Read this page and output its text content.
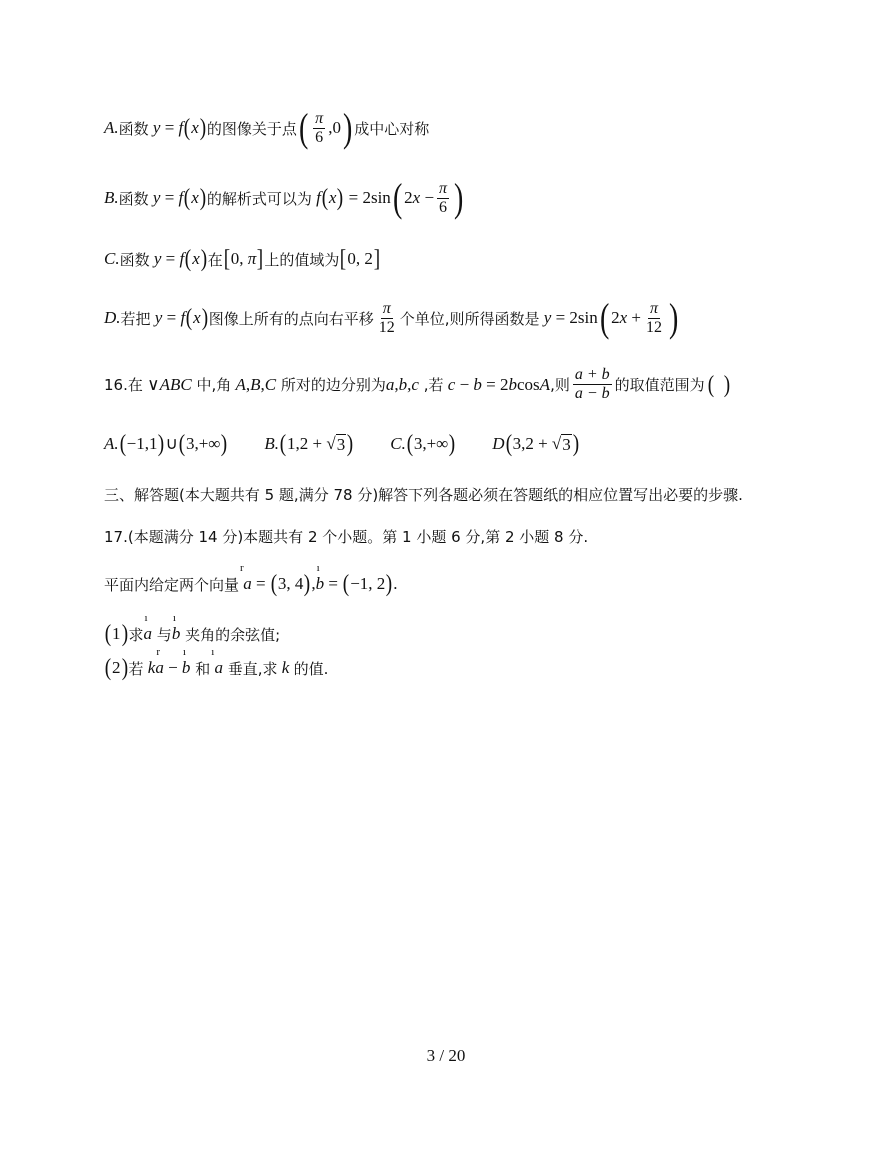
A. 函数 y = f ( x ) 的图像关于点 ( $\frac{\pi}{6} ,0$ ) 成中心对称
B. 函数 y = f ( x ) 的解析式可以为 f ( x ) = 2sin ( 2 $x - \frac{\pi}{6}$ )
C. 函数 y = f ( x ) 在 [ 0, π ] 上的值域为 [ 0, 2 ]
D. 若把 y = f ( x ) 图像上所有的点向右平移 $\frac{\pi}{12}$ 个单位,则所得函数是 y = 2sin ( 2 $x + \frac{\pi}{12}$ )
16.在 ∨ ABC
中,角 A , B , C
所对的边分别为 a , b , c
,若 c − b = 2 b cos A ,则 $\frac{a + b}{a - b}$ 的取值范围为 (  )
A. ( −1,1 ) ∪ ( 3,+∞ ) B. ( 1,2 + √ 3 ) C. ( 3,+∞ ) D ( 3,2 + √ 3 )
三、解答题(本大题共有 5 题,满分 78 分)解答下列各题必须在答题纸的相应位置写出必要的步骤.
17.(本题满分 14 分)本题共有 2 个小题。第 1 小题 6 分,第 2 小题 8 分.
平面内给定两个向量 a
r
= ( 3, 4 ) , b
ı
= ( −1, 2 ) .
( 1 ) 求 a
ı

与 b
ı

夹角的余弦值;
( 2 ) 若 k a
r
− b
ı

和 a
ı

垂直,求 k 的值.
3 / 20
